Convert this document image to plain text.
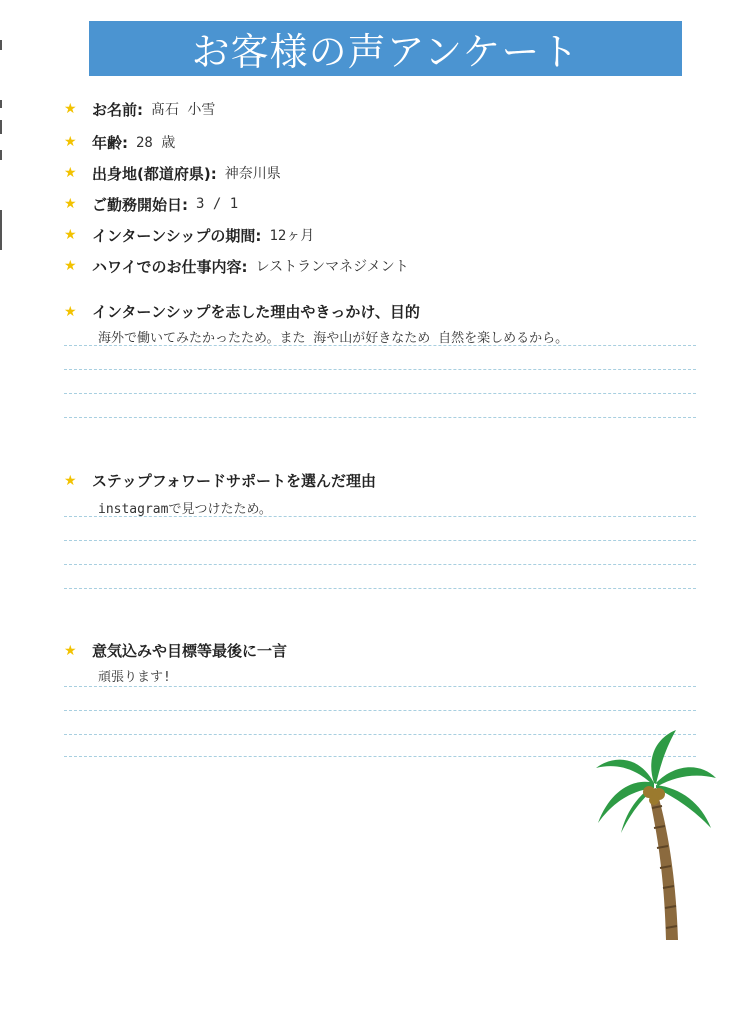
お客様の声アンケート
★ お名前: 髙石 小雪
★ 年齢: 28 歳
★ 出身地(都道府県): 神奈川県
★ ご勤務開始日: 3 / 1
★ インターンシップの期間: 12ヶ月
★ ハワイでのお仕事内容: レストランマネジメント
★ インターンシップを志した理由やきっかけ、目的
海外で働いてみたかったため。また 海や山が好きなため 自然を楽しめるから。
★ ステップフォワードサポートを選んだ理由
instagramで見つけたため。
★ 意気込みや目標等最後に一言
頑張ります!
